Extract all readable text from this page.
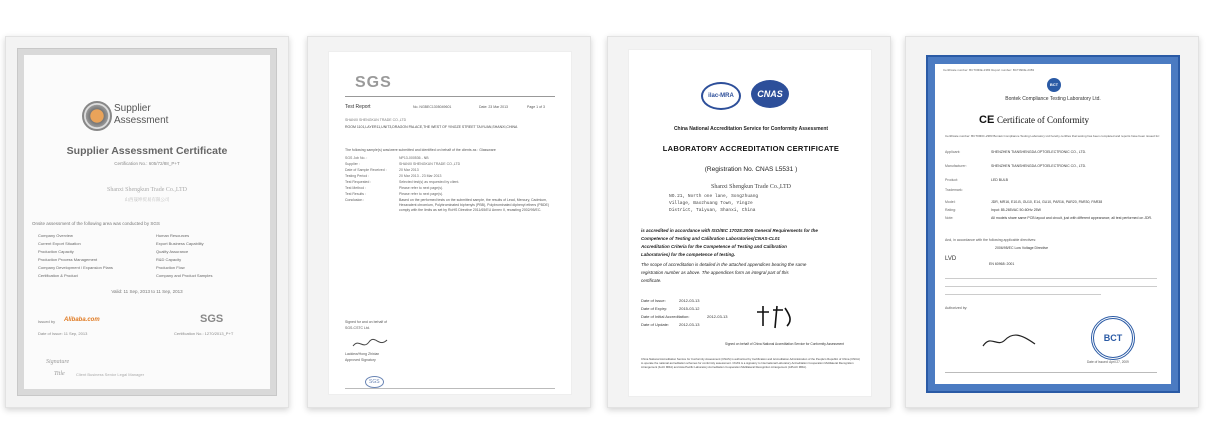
Supplier
Assessment
Supplier Assessment Certificate
Certification No.: 605/72/88_P+T
Shanxi Shengkun Trade Co.,LTD
山西晟坤贸易有限公司
Onsite assessment of the following area was conducted by SGS
Company Overview	Human Resources
Current Export Situation	Export Business Capability
Production Capacity	Quality Assurance
Production Process Management	R&D Capacity
Company Development / Expansion Plans	Production Flow
Certification & Product	Company and Product Samples
Valid: 11 Sep, 2013 to 11 Sep, 2013
Issued by Alibaba.com	SGS
Date of Issue: 11 Sep, 2013	Certification No.: 1270/2013_P+T
Signature
Title	Client Business Senior Legal Manager
SGS
Test Report	No. NGBEC1305049601	Date: 23 Mar 2013	Page 1 of 3
SHANXI SHENGKUN TRADE CO.,LTD
ROOM 1101,LAYER11,UNIT3,DRAGON PALACE,THE WEST OF YINGZE STREET TAIYUAN,SHANXI,CHINA
The following sample(s) was/were submitted and identified on behalf of the clients as : Glassware
SGS Job No. :	NP13-000536 - NB
Supplier :	SHANXI SHENGKUN TRADE CO.,LTD
Date of Sample Received :	20 Mar 2013
Testing Period :	20 Mar 2013 - 23 Mar 2013
Test Requested :	Selected test(s) as requested by client.
Test Method :	Please refer to next page(s).
Test Results :	Please refer to next page(s).
Conclusion :	Based on the performed tests on the submitted sample, the results of Lead, Mercury, Cadmium, Hexavalent chromium, Polybrominated biphenyls (PBB), Polybrominated diphenyl ethers (PBDE) comply with the limits as set by RoHS Directive 2011/65/EU Annex II, recasting 2002/95/EC.
Signed for and on behalf of
SGS-CSTC Ltd.
Lackiew/Hong Zhixian
Approved Signatory
SGS
ilac-MRA	CNAS
China National Accreditation Service for Conformity Assessment
LABORATORY ACCREDITATION CERTIFICATE
(Registration No. CNAS L5531 )
Shanxi Shengkun Trade Co.,LTD
NO.21, North one lane, Songzhuang
Village, Baozhuang Town, Yingze
District, Taiyuan, Shanxi, China
is accredited in accordance with ISO/IEC 17025:2005 General Requirements for the
Competence of Testing and Calibration Laboratories(CNAS-CL01
Accreditation Criteria for the Competence of Testing and Calibration
Laboratories) for the competence of testing.
The scope of accreditation is detailed in the attached appendices bearing the same
registration number as above. The appendices form an integral part of this
certificate.
Date of Issue:	2012-03-13
Date of Expiry:	2015-03-12
Date of Initial Accreditation:	2012-03-13
Date of Update: 2012-03-13
Signed on behalf of China National Accreditation Service for Conformity Assessment
China National Accreditation Service for Conformity Assessment (CNAS) is authorized by Certification and Accreditation Administration of the People's Republic of China (CNCA) to operate the national accreditation schemes for conformity assessment. CNAS is a signatory to International Laboratory Accreditation Cooperation Multilateral Recognition Arrangement (ILAC MRA) and Asia Pacific Laboratory Accreditation Cooperation Multilateral Recognition Arrangement (APLAC MRA).
Certificate number: BCT09DE-2383 Report number: BCT09DE-2383
BCT
Bontek Compliance Testing Laboratory Ltd.
CE Certificate of Conformity
Certificate number: BCT09DC-2383 Bontek Compliance Testing Laboratory Ltd hereby certifies that testing has been completed and reports have been issued for:
Applicant:	SHENZHEN TIANSHENGDA OPTOELECTRONIC CO., LTD.
Manufacturer:	SHENZHEN TIANSHENGDA OPTOELECTRONIC CO., LTD.
Product:	LED BULB
Trademark:
Model:	JDR, MR16, E10-B, GU10, E14, GU10, PAR16, PAR20, PAR30, PAR38
Rating:	Input: 85-265VAC 50-60Hz 25W
Note:	All models share same PCB layout and circuit, just with different appearance, all test performed on JDR.
And, in accordance with the following applicable directives:
2006/95/EC Low Voltage Directive
LVD
EN 60968: 2001
Authorized by:
BCT
Date of Issued: April 27, 2009
